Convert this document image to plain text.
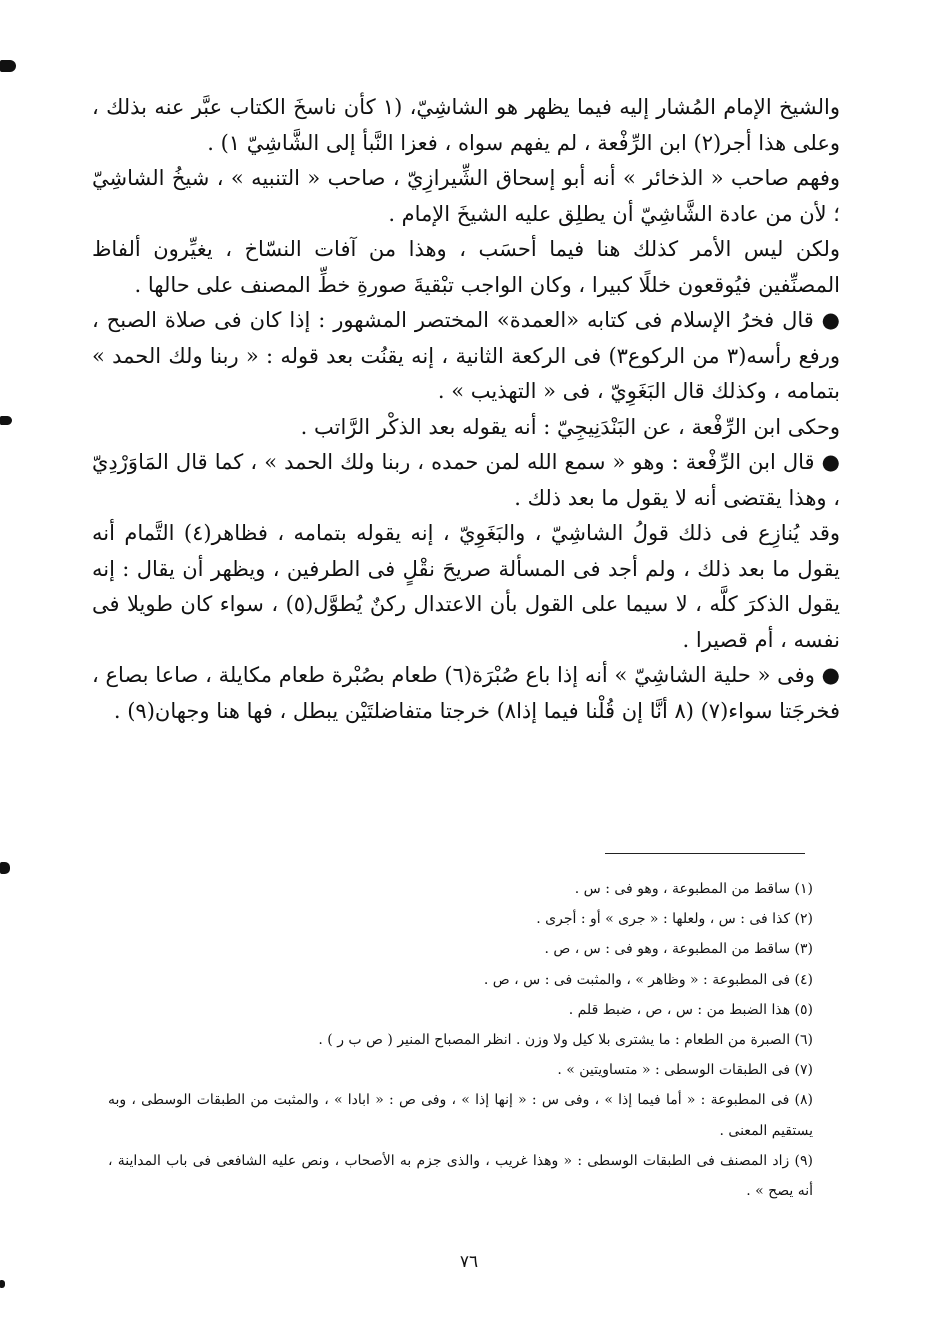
والشيخ الإمام المُشار إليه فيما يظهر هو الشاشِيّ، (١ كأن ناسخَ الكتاب عبَّر عنه بذلك ، وعلى هذا أجر(٢) ابن الرِّفْعة ، لم يفهم سواه ، فعزا النَّبأ إلى الشَّاشِيّ ١) .

وفهم صاحب « الذخائر » أنه أبو إسحاق الشِّيرازِيّ ، صاحب « التنبيه » ، شيخُ الشاشِيّ ؛ لأن من عادة الشَّاشِيّ أن يطلِق عليه الشيخَ الإمام .

ولكن ليس الأمر كذلك هنا فيما أحسَب ، وهذا من آفات النسّاخ ، يغيِّرون ألفاظ المصنِّفين فيُوقعون خللًا كبيرا ، وكان الواجب تبْقيةَ صورةِ خطِّ المصنف على حالها .

● قال فخرُ الإسلام فى كتابه «العمدة» المختصر المشهور : إذا كان فى صلاة الصبح ، ورفع رأسه(٣ من الركوع٣) فى الركعة الثانية ، إنه يقنُت بعد قوله : « ربنا ولك الحمد » بتمامه ، وكذلك قال البَغَوِيّ ، فى « التهذيب » .

وحكى ابن الرِّفْعة ، عن البَنْدَنِيجِيّ : أنه يقوله بعد الذكْر الرَّاتب .

● قال ابن الرِّفْعة : وهو « سمع الله لمن حمده ، ربنا ولك الحمد » ، كما قال المَاوَرْدِيّ ، وهذا يقتضى أنه لا يقول ما بعد ذلك .

وقد يُنازِع فى ذلك قولُ الشاشِيّ ، والبَغَوِيّ ، إنه يقوله بتمامه ، فظاهر(٤) التَّمام أنه يقول ما بعد ذلك ، ولم أجد فى المسألة صريحَ نقْلٍ فى الطرفين ، ويظهر أن يقال : إنه يقول الذكرَ كلَّه ، لا سيما على القول بأن الاعتدال ركنٌ يُطوَّل(٥) ، سواء كان طويلا فى نفسه ، أم قصيرا .

● وفى « حلية الشاشِيّ » أنه إذا باع صُبْرَة(٦) طعام بصُبْرة طعام مكايلة ، صاعا بصاع ، فخرجَتا سواء(٧) (٨ أنَّا إن قُلْنا فيما إذا٨) خرجتا متفاضلتَيْن يبطل ، فها هنا وجهان(٩) .

(١) ساقط من المطبوعة ، وهو فى : س .

(٢) كذا فى : س ، ولعلها : « جرى » أو : أجرى .

(٣) ساقط من المطبوعة ، وهو فى : س ، ص .

(٤) فى المطبوعة : « وظاهر » ، والمثبت فى : س ، ص .

(٥) هذا الضبط من : س ، ص ، ضبط قلم .

(٦) الصبرة من الطعام : ما يشترى بلا كيل ولا وزن . انظر المصباح المنير ( ص ب ر ) .

(٧) فى الطبقات الوسطى : « متساويتين » .

(٨) فى المطبوعة : « أما فيما إذا » ، وفى س : « إنها إذا » ، وفى ص : « ابادا » ، والمثبت من الطبقات الوسطى ، وبه يستقيم المعنى .

(٩) زاد المصنف فى الطبقات الوسطى : « وهذا غريب ، والذى جزم به الأصحاب ، ونص عليه الشافعى فى باب المداينة ، أنه يصح » .

٧٦
